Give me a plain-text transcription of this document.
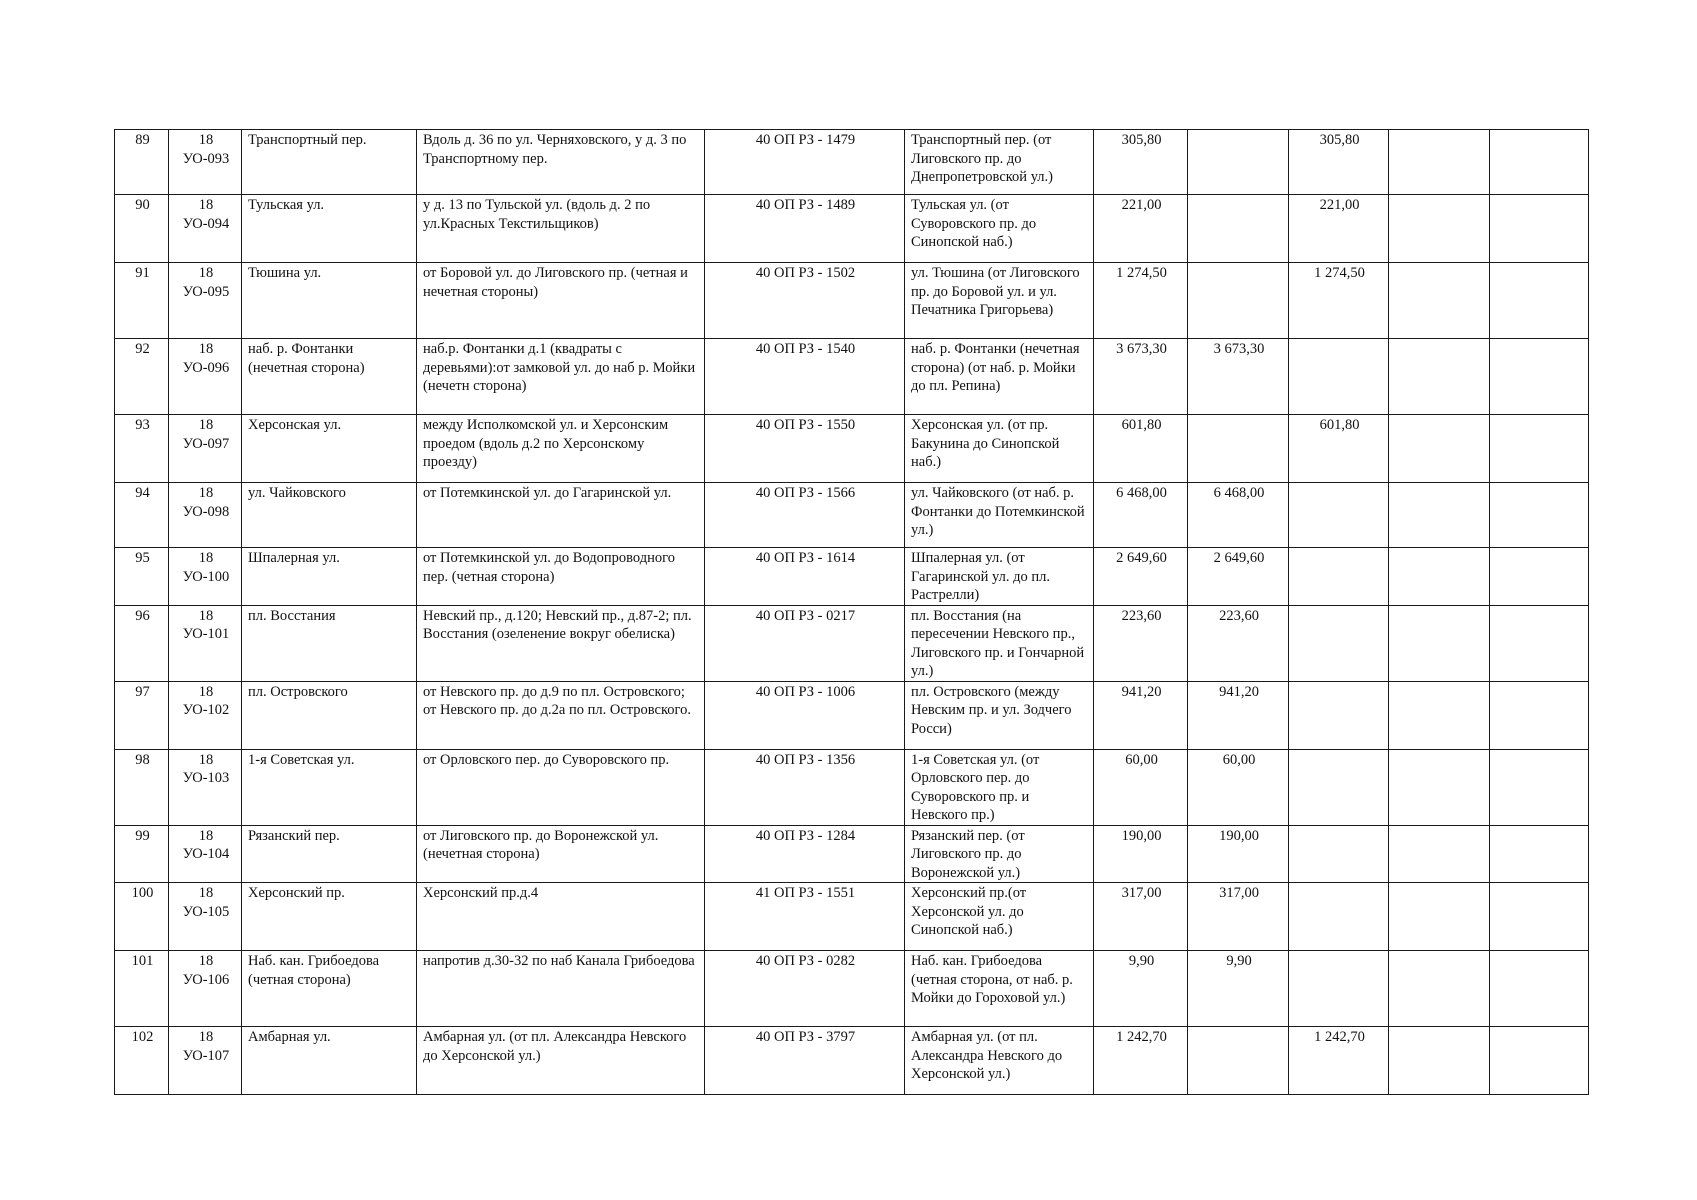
89	18 УО-093	Транспортный пер.	Вдоль д. 36 по ул. Черняховского, у д. 3 по Транспортному пер.	40 ОП РЗ - 1479	Транспортный пер. (от Лиговского пр. до Днепропетровской ул.)	305,80		305,80		
90	18 УО-094	Тульская ул.	у д. 13 по Тульской ул. (вдоль д. 2 по ул.Красных Текстильщиков)	40 ОП РЗ - 1489	Тульская ул. (от Суворовского пр. до Синопской наб.)	221,00		221,00		
91	18 УО-095	Тюшина ул.	от Боровой ул. до Лиговского пр. (четная и нечетная стороны)	40 ОП РЗ - 1502	ул. Тюшина (от Лиговского пр. до Боровой ул. и ул. Печатника Григорьева)	1 274,50		1 274,50		
92	18 УО-096	наб. р. Фонтанки (нечетная сторона)	наб.р. Фонтанки д.1 (квадраты с деревьями):от замковой ул. до наб р. Мойки (нечетн сторона)	40 ОП РЗ - 1540	наб. р. Фонтанки (нечетная сторона) (от наб. р. Мойки до пл. Репина)	3 673,30	3 673,30			
93	18 УО-097	Херсонская ул.	между Исполкомской ул. и Херсонским проедом (вдоль д.2 по Херсонскому проезду)	40 ОП РЗ - 1550	Херсонская ул. (от пр. Бакунина до Синопской наб.)	601,80		601,80		
94	18 УО-098	ул. Чайковского	от Потемкинской ул. до Гагаринской ул.	40 ОП РЗ - 1566	ул. Чайковского (от наб. р. Фонтанки до Потемкинской ул.)	6 468,00	6 468,00			
95	18 УО-100	Шпалерная ул.	от Потемкинской ул. до Водопроводного пер. (четная сторона)	40 ОП РЗ - 1614	Шпалерная ул. (от Гагаринской ул. до пл. Растрелли)	2 649,60	2 649,60			
96	18 УО-101	пл. Восстания	Невский пр., д.120; Невский пр., д.87-2; пл. Восстания (озеленение вокруг обелиска)	40 ОП РЗ - 0217	пл. Восстания (на пересечении Невского пр., Лиговского пр. и Гончарной ул.)	223,60	223,60			
97	18 УО-102	пл. Островского	от Невского пр. до д.9 по пл. Островского; от Невского пр. до д.2а по пл. Островского.	40 ОП РЗ - 1006	пл. Островского (между Невским пр. и ул. Зодчего Росси)	941,20	941,20			
98	18 УО-103	1-я Советская ул.	от Орловского пер. до Суворовского пр.	40 ОП РЗ - 1356	1-я Советская ул. (от Орловского пер. до Суворовского пр. и Невского пр.)	60,00	60,00			
99	18 УО-104	Рязанский пер.	от Лиговского пр. до Воронежской ул. (нечетная сторона)	40 ОП РЗ - 1284	Рязанский пер. (от Лиговского пр. до Воронежской ул.)	190,00	190,00			
100	18 УО-105	Херсонский пр.	Херсонский пр.д.4	41 ОП РЗ - 1551	Херсонский пр.(от Херсонской ул. до Синопской наб.)	317,00	317,00			
101	18 УО-106	Наб. кан. Грибоедова (четная сторона)	напротив д.30-32 по наб Канала Грибоедова	40 ОП РЗ - 0282	Наб. кан. Грибоедова (четная сторона, от наб. р. Мойки до Гороховой ул.)	9,90	9,90			
102	18 УО-107	Амбарная ул.	Амбарная ул. (от пл. Александра Невского до Херсонской ул.)	40 ОП РЗ - 3797	Амбарная ул. (от пл. Александра Невского до Херсонской ул.)	1 242,70		1 242,70		
